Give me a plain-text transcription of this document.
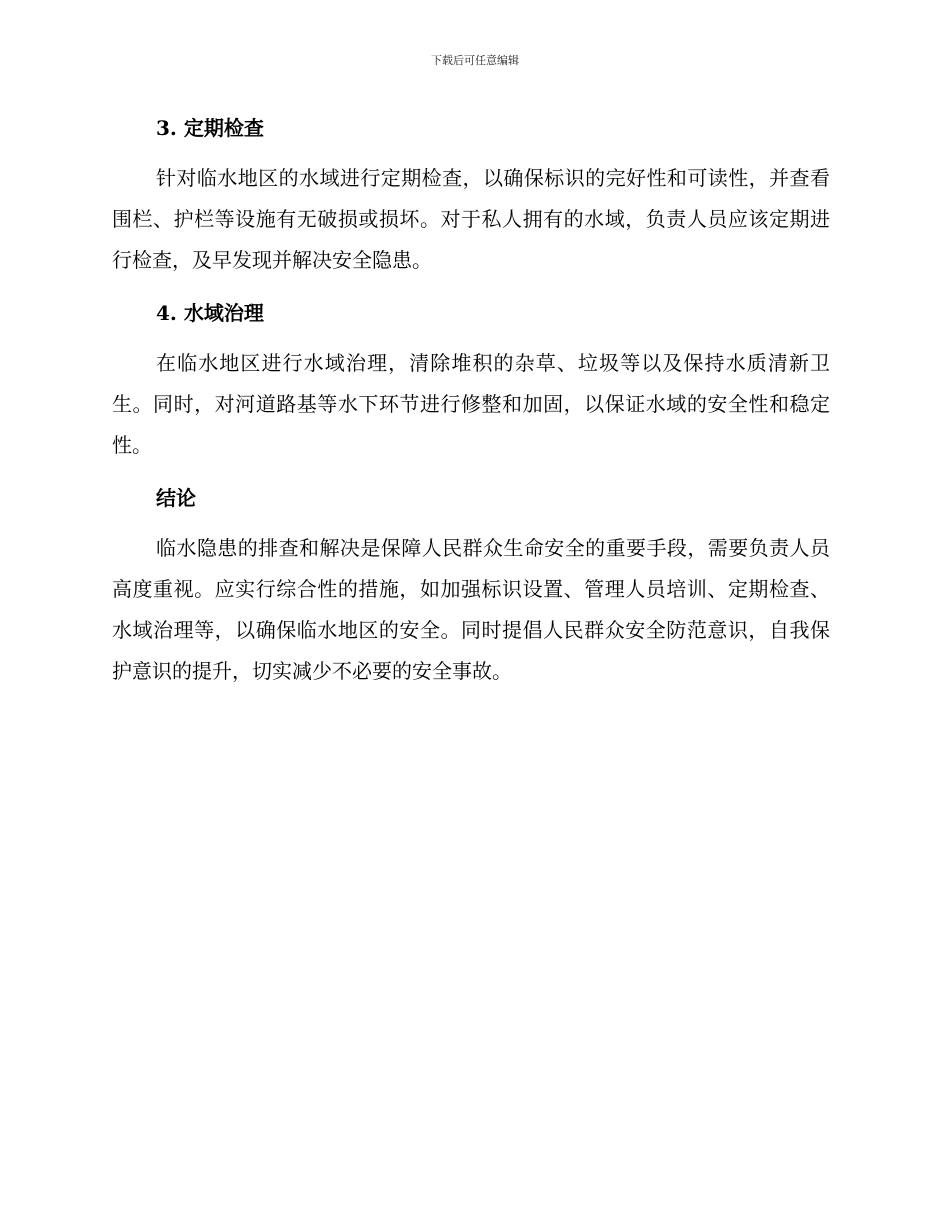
下载后可任意编辑
3. 定期检查

针对临水地区的水域进行定期检查，以确保标识的完好性和可读性，并查看围栏、护栏等设施有无破损或损坏。对于私人拥有的水域，负责人员应该定期进行检查，及早发现并解决安全隐患。

4. 水域治理

在临水地区进行水域治理，清除堆积的杂草、垃圾等以及保持水质清新卫生。同时，对河道路基等水下环节进行修整和加固，以保证水域的安全性和稳定性。

结论

临水隐患的排查和解决是保障人民群众生命安全的重要手段，需要负责人员高度重视。应实行综合性的措施，如加强标识设置、管理人员培训、定期检查、水域治理等，以确保临水地区的安全。同时提倡人民群众安全防范意识，自我保护意识的提升，切实减少不必要的安全事故。
